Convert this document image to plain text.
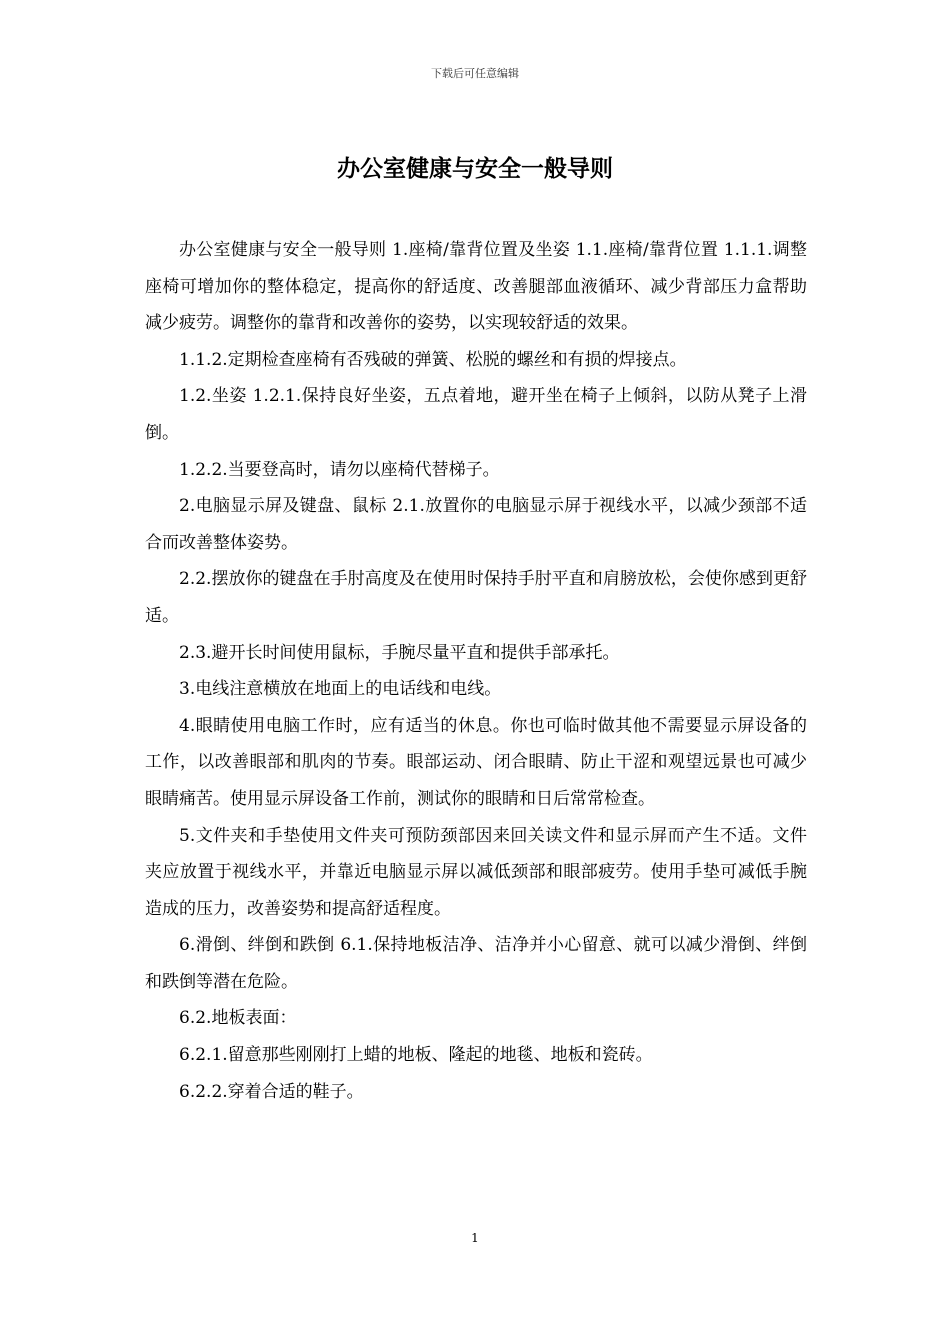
下载后可任意编辑
办公室健康与安全一般导则

办公室健康与安全一般导则 1.座椅/靠背位置及坐姿 1.1.座椅/靠背位置 1.1.1.调整座椅可增加你的整体稳定，提高你的舒适度、改善腿部血液循环、减少背部压力盒帮助减少疲劳。调整你的靠背和改善你的姿势，以实现较舒适的效果。

1.1.2.定期检查座椅有否残破的弹簧、松脱的螺丝和有损的焊接点。

1.2.坐姿 1.2.1.保持良好坐姿，五点着地，避开坐在椅子上倾斜，以防从凳子上滑倒。

1.2.2.当要登高时，请勿以座椅代替梯子。

2.电脑显示屏及键盘、鼠标 2.1.放置你的电脑显示屏于视线水平，以减少颈部不适合而改善整体姿势。

2.2.摆放你的键盘在手肘高度及在使用时保持手肘平直和肩膀放松，会使你感到更舒适。

2.3.避开长时间使用鼠标，手腕尽量平直和提供手部承托。

3.电线注意横放在地面上的电话线和电线。

4.眼睛使用电脑工作时，应有适当的休息。你也可临时做其他不需要显示屏设备的工作，以改善眼部和肌肉的节奏。眼部运动、闭合眼睛、防止干涩和观望远景也可减少眼睛痛苦。使用显示屏设备工作前，测试你的眼睛和日后常常检查。

5.文件夹和手垫使用文件夹可预防颈部因来回关读文件和显示屏而产生不适。文件夹应放置于视线水平，并靠近电脑显示屏以减低颈部和眼部疲劳。使用手垫可减低手腕造成的压力，改善姿势和提高舒适程度。

6.滑倒、绊倒和跌倒 6.1.保持地板洁净、洁净并小心留意、就可以减少滑倒、绊倒和跌倒等潜在危险。

6.2.地板表面：

6.2.1.留意那些刚刚打上蜡的地板、隆起的地毯、地板和瓷砖。

6.2.2.穿着合适的鞋子。

1
